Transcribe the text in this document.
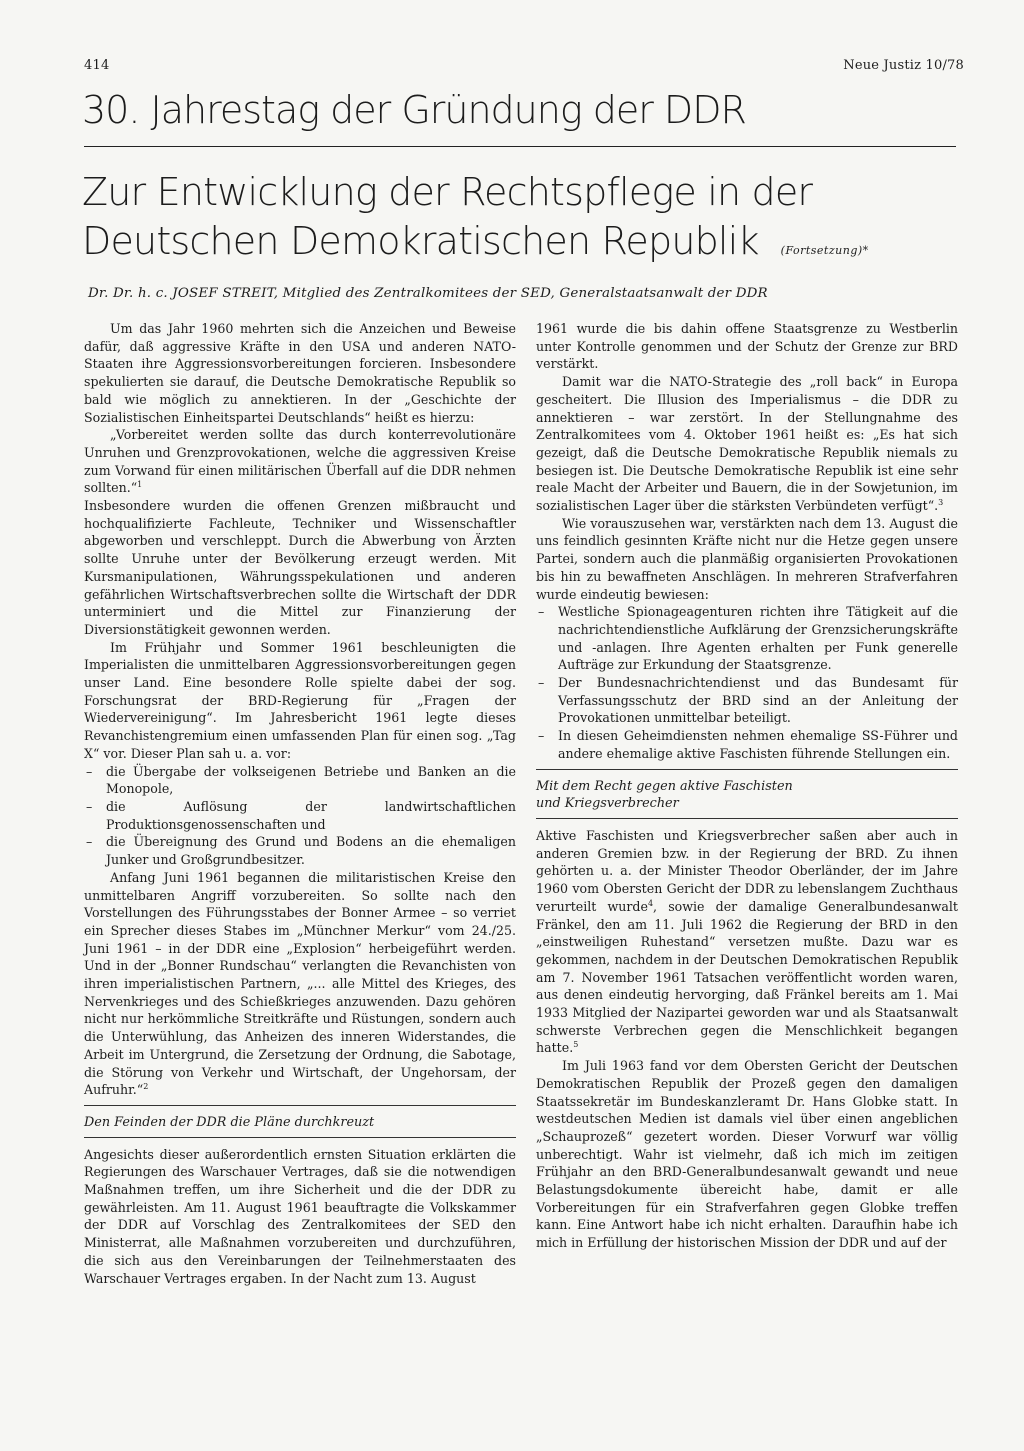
414	Neue Justiz 10/78
30. Jahrestag der Gründung der DDR
Zur Entwicklung der Rechtspflege in der
Deutschen Demokratischen Republik (Fortsetzung)*
Dr. Dr. h. c. JOSEF STREIT, Mitglied des Zentralkomitees der SED, Generalstaatsanwalt der DDR

Um das Jahr 1960 mehrten sich die Anzeichen und Beweise dafür, daß aggressive Kräfte in den USA und anderen NATO-Staaten ihre Aggressionsvorbereitungen forcieren. Insbesondere spekulierten sie darauf, die Deutsche Demokratische Republik so bald wie möglich zu annektieren. In der „Geschichte der Sozialistischen Einheitspartei Deutschlands“ heißt es hierzu:

„Vorbereitet werden sollte das durch konterrevolutionäre Unruhen und Grenzprovokationen, welche die aggressiven Kreise zum Vorwand für einen militärischen Überfall auf die DDR nehmen sollten.“$^1$

Insbesondere wurden die offenen Grenzen mißbraucht und hochqualifizierte Fachleute, Techniker und Wissenschaftler abgeworben und verschleppt. Durch die Abwerbung von Ärzten sollte Unruhe unter der Bevölkerung erzeugt werden. Mit Kursmanipulationen, Währungsspekulationen und anderen gefährlichen Wirtschaftsverbrechen sollte die Wirtschaft der DDR unterminiert und die Mittel zur Finanzierung der Diversionstätigkeit gewonnen werden.

Im Frühjahr und Sommer 1961 beschleunigten die Imperialisten die unmittelbaren Aggressionsvorbereitungen gegen unser Land. Eine besondere Rolle spielte dabei der sog. Forschungsrat der BRD-Regierung für „Fragen der Wiedervereinigung“. Im Jahresbericht 1961 legte dieses Revanchistengremium einen umfassenden Plan für einen sog. „Tag X“ vor. Dieser Plan sah u. a. vor:

– die Übergabe der volkseigenen Betriebe und Banken an die Monopole,
– die Auflösung der landwirtschaftlichen Produktionsgenossenschaften und
– die Übereignung des Grund und Bodens an die ehemaligen Junker und Großgrundbesitzer.

Anfang Juni 1961 begannen die militaristischen Kreise den unmittelbaren Angriff vorzubereiten. So sollte nach den Vorstellungen des Führungsstabes der Bonner Armee – so verriet ein Sprecher dieses Stabes im „Münchner Merkur“ vom 24./25. Juni 1961 – in der DDR eine „Explosion“ herbeigeführt werden. Und in der „Bonner Rundschau“ verlangten die Revanchisten von ihren imperialistischen Partnern, „... alle Mittel des Krieges, des Nervenkrieges und des Schießkrieges anzuwenden. Dazu gehören nicht nur herkömmliche Streitkräfte und Rüstungen, sondern auch die Unterwühlung, das Anheizen des inneren Widerstandes, die Arbeit im Untergrund, die Zersetzung der Ordnung, die Sabotage, die Störung von Verkehr und Wirtschaft, der Ungehorsam, der Aufruhr.“$^2$

Den Feinden der DDR die Pläne durchkreuzt

Angesichts dieser außerordentlich ernsten Situation erklärten die Regierungen des Warschauer Vertrages, daß sie die notwendigen Maßnahmen treffen, um ihre Sicherheit und die der DDR zu gewährleisten. Am 11. August 1961 beauftragte die Volkskammer der DDR auf Vorschlag des Zentralkomitees der SED den Ministerrat, alle Maßnahmen vorzubereiten und durchzuführen, die sich aus den Vereinbarungen der Teilnehmerstaaten des Warschauer Vertrages ergaben. In der Nacht zum 13. August

1961 wurde die bis dahin offene Staatsgrenze zu Westberlin unter Kontrolle genommen und der Schutz der Grenze zur BRD verstärkt.

Damit war die NATO-Strategie des „roll back“ in Europa gescheitert. Die Illusion des Imperialismus – die DDR zu annektieren – war zerstört. In der Stellungnahme des Zentralkomitees vom 4. Oktober 1961 heißt es: „Es hat sich gezeigt, daß die Deutsche Demokratische Republik niemals zu besiegen ist. Die Deutsche Demokratische Republik ist eine sehr reale Macht der Arbeiter und Bauern, die in der Sowjetunion, im sozialistischen Lager über die stärksten Verbündeten verfügt“.$^3$

Wie vorauszusehen war, verstärkten nach dem 13. August die uns feindlich gesinnten Kräfte nicht nur die Hetze gegen unsere Partei, sondern auch die planmäßig organisierten Provokationen bis hin zu bewaffneten Anschlägen. In mehreren Strafverfahren wurde eindeutig bewiesen:

– Westliche Spionageagenturen richten ihre Tätigkeit auf die nachrichtendienstliche Aufklärung der Grenzsicherungskräfte und -anlagen. Ihre Agenten erhalten per Funk generelle Aufträge zur Erkundung der Staatsgrenze.
– Der Bundesnachrichtendienst und das Bundesamt für Verfassungsschutz der BRD sind an der Anleitung der Provokationen unmittelbar beteiligt.
– In diesen Geheimdiensten nehmen ehemalige SS-Führer und andere ehemalige aktive Faschisten führende Stellungen ein.
Mit dem Recht gegen aktive Faschisten
und Kriegsverbrecher

Aktive Faschisten und Kriegsverbrecher saßen aber auch in anderen Gremien bzw. in der Regierung der BRD. Zu ihnen gehörten u. a. der Minister Theodor Oberländer, der im Jahre 1960 vom Obersten Gericht der DDR zu lebenslangem Zuchthaus verurteilt wurde$^4$, sowie der damalige Generalbundesanwalt Fränkel, den am 11. Juli 1962 die Regierung der BRD in den „einstweiligen Ruhestand“ versetzen mußte. Dazu war es gekommen, nachdem in der Deutschen Demokratischen Republik am 7. November 1961 Tatsachen veröffentlicht worden waren, aus denen eindeutig hervorging, daß Fränkel bereits am 1. Mai 1933 Mitglied der Nazipartei geworden war und als Staatsanwalt schwerste Verbrechen gegen die Menschlichkeit begangen hatte.$^5$

Im Juli 1963 fand vor dem Obersten Gericht der Deutschen Demokratischen Republik der Prozeß gegen den damaligen Staatssekretär im Bundeskanzleramt Dr. Hans Globke statt. In westdeutschen Medien ist damals viel über einen angeblichen „Schauprozeß“ gezetert worden. Dieser Vorwurf war völlig unberechtigt. Wahr ist vielmehr, daß ich mich im zeitigen Frühjahr an den BRD-Generalbundesanwalt gewandt und neue Belastungsdokumente übereicht habe, damit er alle Vorbereitungen für ein Strafverfahren gegen Globke treffen kann. Eine Antwort habe ich nicht erhalten. Daraufhin habe ich mich in Erfüllung der historischen Mission der DDR und auf der
